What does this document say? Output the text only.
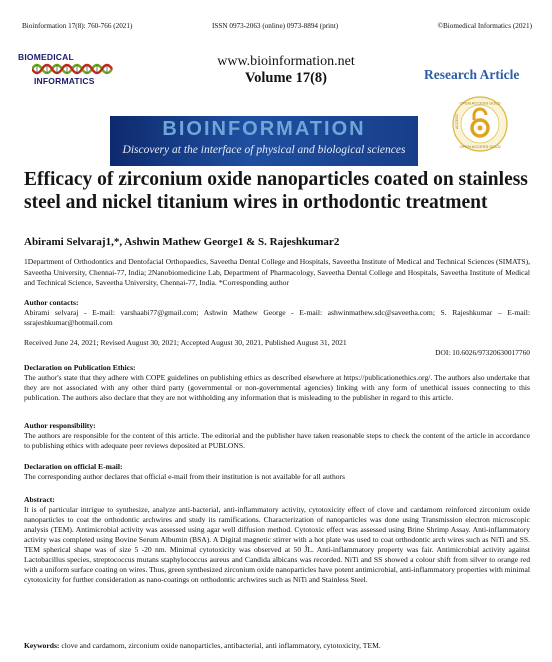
Bioinformation 17(8): 760-766 (2021)	ISSN 0973-2063 (online) 0973-8894 (print)	©Biomedical Informatics (2021)
BIOMEDICAL
INFORMATICS
www.bioinformation.net
Volume 17(8)	Research Article
BIOINFORMATION
Discovery at the interface of physical and biological sciences
OPEN ACCESS GOLD
OPEN ACCESS GOLD
ACCESS
Efficacy of zirconium oxide nanoparticles coated on stainless steel and nickel titanium wires in orthodontic treatment
Abirami Selvaraj1,*, Ashwin Mathew George1 & S. Rajeshkumar2
1Department of Orthodontics and Dentofacial Orthopaedics, Saveetha Dental College and Hospitals, Saveetha Institute of Medical and Technical Sciences (SIMATS), Saveetha University, Chennai-77, India; 2Nanobiomedicine Lab, Department of Pharmacology, Saveetha Dental College and Hospitals, Saveetha Institute of Medical and Technical Science, Saveetha University, Chennai-77, India. *Corresponding author
Author contacts:
Abirami selvaraj - E-mail: varshaabi77@gmail.com; Ashwin Mathew George - E-mail: ashwinmathew.sdc@saveetha.com; S. Rajeshkumar – E-mail: ssrajeshkumar@hotmail.com
Received June 24, 2021; Revised August 30, 2021; Accepted August 30, 2021, Published August 31, 2021
DOI: 10.6026/97320630017760
Declaration on Publication Ethics:
The author's state that they adhere with COPE guidelines on publishing ethics as described elsewhere at https://publicationethics.org/. The authors also undertake that they are not associated with any other third party (governmental or non-governmental agencies) linking with any form of unethical issues connecting to this publication. The authors also declare that they are not withholding any information that is misleading to the publisher in regard to this article.
Author responsibility:
The authors are responsible for the content of this article. The editorial and the publisher have taken reasonable steps to check the content of the article in accordance to publishing ethics with adequate peer reviews deposited at PUBLONS.
Declaration on official E-mail:
The corresponding author declares that official e-mail from their institution is not available for all authors
Abstract:
It is of particular intrigue to synthesize, analyze anti-bacterial, anti-inflammatory activity, cytotoxicity effect of clove and cardamom reinforced zirconium oxide nanoparticles to coat the orthodontic archwires and study its ramifications. Characterization of nanoparticles was done using Transmission electron microscopic analysis (TEM). Antimicrobial activity was assessed using agar well diffusion method. Cytotoxic effect was assessed using Brine Shrimp Assay. Anti-inflammatory activity was completed using Bovine Serum Albumin (BSA). A Digital magnetic stirrer with a hot plate was used to coat orthodontic arch wires such as NiTi and SS. TEM spherical shape was of size 5 -20 nm. Minimal cytotoxicity was observed at 50 ĴL. Anti-inflammatory property was fair. Antimicrobial activity against Lactobacillus species, streptococcus mutans staphylococcus aureus and Candida albicans was recorded. NiTi and SS showed a colour shift from silver to orange red with a uniform surface coating on wires. Thus, green synthesized zirconium oxide nanoparticles have potent antimicrobial, anti-inflammatory properties with minimal cytotoxicity for further consideration as nano-coatings on orthodontic archwires such as NiTi and Stainless Steel.
Keywords: clove and cardamom, zirconium oxide nanoparticles, antibacterial, anti inflammatory, cytotoxicity, TEM.
